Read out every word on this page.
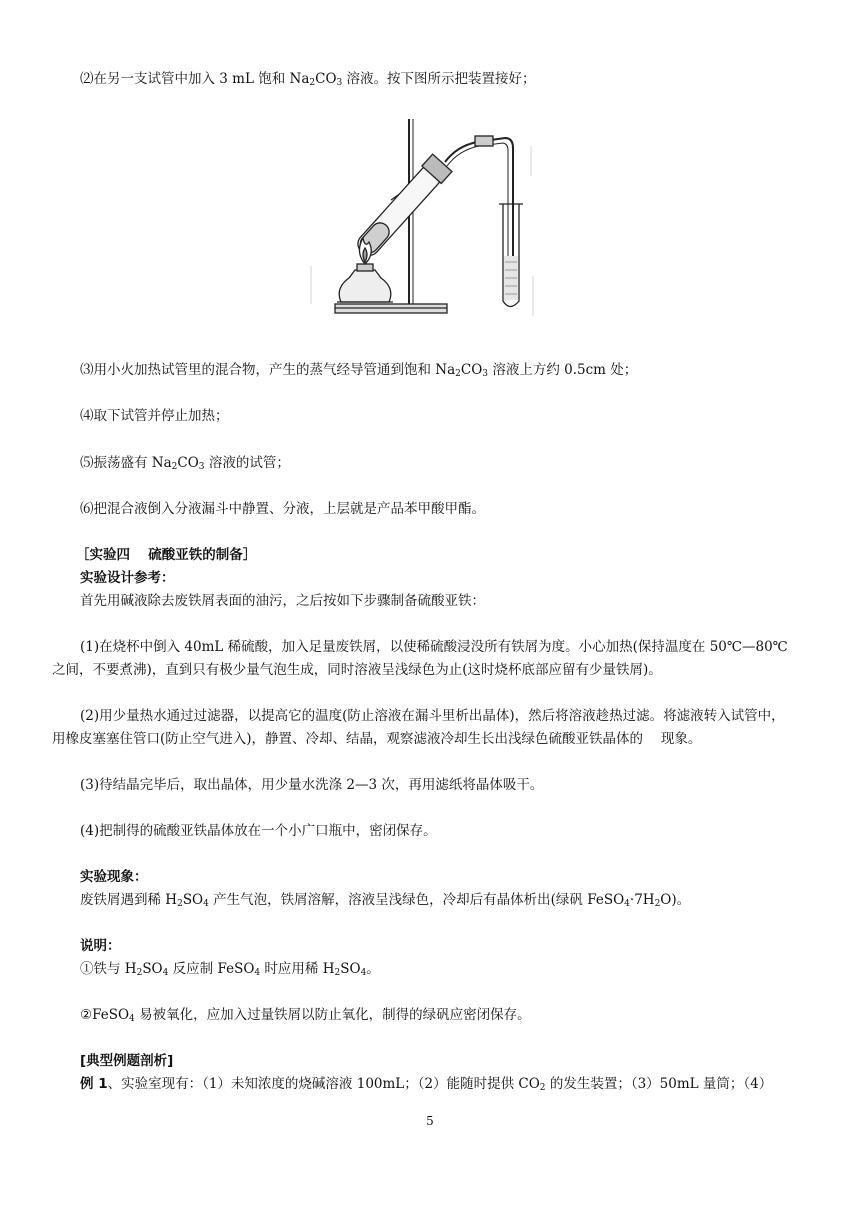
⑵在另一支试管中加入 3 mL 饱和 $Na_2CO_3$ 溶液。按下图所示把装置接好；
⑶用小火加热试管里的混合物，产生的蒸气经导管通到饱和 $Na_2CO_3$ 溶液上方约 0.5cm 处；
⑷取下试管并停止加热；
⑸振荡盛有 $Na_2CO_3$ 溶液的试管；
⑹把混合液倒入分液漏斗中静置、分液，上层就是产品苯甲酸甲酯。
［实验四　 硫酸亚铁的制备］
实验设计参考：
首先用碱液除去废铁屑表面的油污，之后按如下步骤制备硫酸亚铁：
(1)在烧杯中倒入 40mL 稀硫酸，加入足量废铁屑，以使稀硫酸浸没所有铁屑为度。小心加热(保持温度在 50℃—80℃
之间，不要煮沸)，直到只有极少量气泡生成，同时溶液呈浅绿色为止(这时烧杯底部应留有少量铁屑)。
(2)用少量热水通过过滤器，以提高它的温度(防止溶液在漏斗里析出晶体)，然后将溶液趁热过滤。将滤液转入试管中，
用橡皮塞塞住管口(防止空气进入)，静置、冷却、结晶，观察滤液冷却生长出浅绿色硫酸亚铁晶体的　 现象。
(3)待结晶完毕后，取出晶体，用少量水洗涤 2—3 次，再用滤纸将晶体吸干。
(4)把制得的硫酸亚铁晶体放在一个小广口瓶中，密闭保存。
实验现象：
废铁屑遇到稀 $H_2SO_4$ 产生气泡，铁屑溶解，溶液呈浅绿色，冷却后有晶体析出(绿矾 $FeSO_4\cdot 7H_2O$)。
说明：
①铁与 $H_2SO_4$ 反应制 FeSO$_4$ 时应用稀 $H_2SO_4$。
②FeSO$_4$ 易被氧化，应加入过量铁屑以防止氧化，制得的绿矾应密闭保存。
[典型例题剖析]
例 1、实验室现有：（1）未知浓度的烧碱溶液 100mL；（2）能随时提供 $CO_2$ 的发生装置；（3）50mL 量筒；（4）
5
